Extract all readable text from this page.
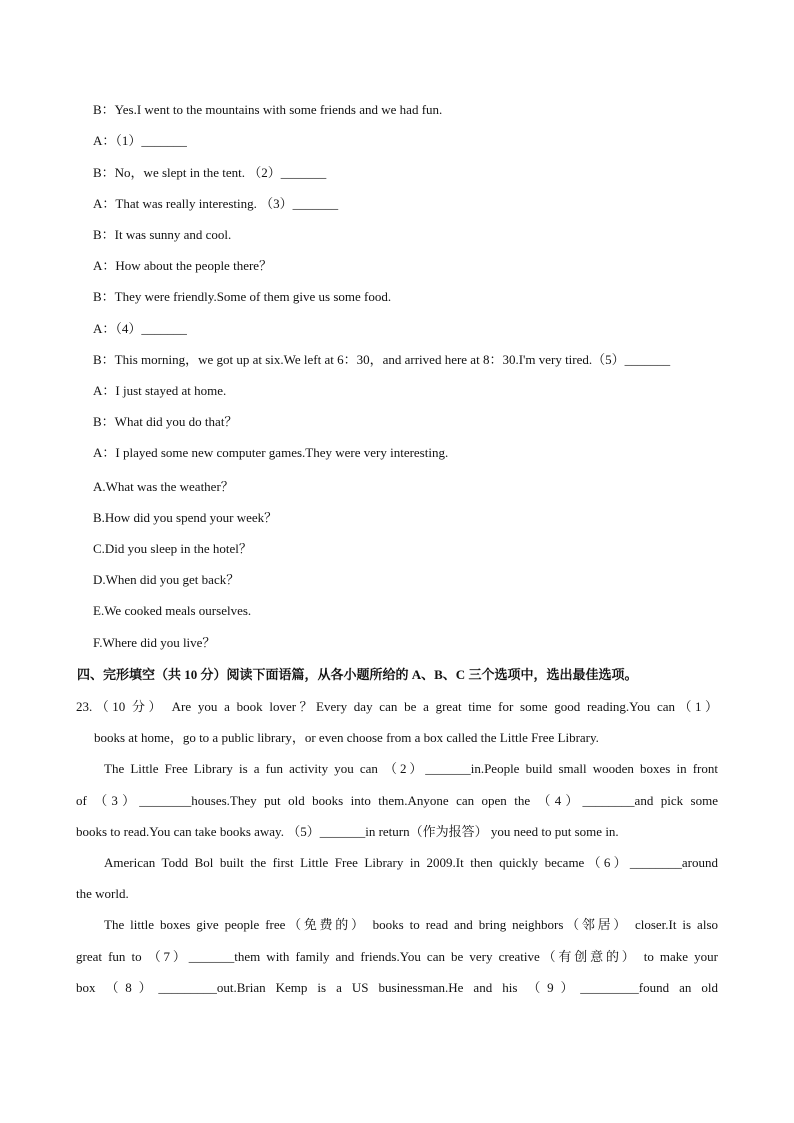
B：Yes.I went to the mountains with some friends and we had fun.
A：（1）_______
B：No，we slept in the tent. （2）_______
A：That was really interesting. （3）_______
B：It was sunny and cool.
A：How about the people there？
B：They were friendly.Some of them give us some food.
A：（4）_______
B：This morning，we got up at six.We left at 6：30，and arrived here at 8：30.I'm very tired.（5）_______
A：I just stayed at home.
B：What did you do that？
A：I played some new computer games.They were very interesting.
A.What was the weather？
B.How did you spend your week？
C.Did you sleep in the hotel？
D.When did you get back？
E.We cooked meals ourselves.
F.Where did you live？
四、完形填空（共 10 分）阅读下面语篇，从各小题所给的 A、B、C 三个选项中，选出最佳选项。
23.（10 分） Are you a book lover？Every day can be a great time for some good reading.You can（1）
books at home，go to a public library，or even choose from a box called the Little Free Library.
The Little Free Library is a fun activity you can （2）_______in.People build small wooden boxes in front
of （3）________houses.They put old books into them.Anyone can open the （4）________and pick some
books to read.You can take books away. （5）_______in return（作为报答） you need to put some in.
American Todd Bol built the first Little Free Library in 2009.It then quickly became（6）________around
the world.
The little boxes give people free（免费的） books to read and bring neighbors（邻居） closer.It is also
great fun to （7）_______them with family and friends.You can be very creative（有创意的） to make your
box （8）_________out.Brian Kemp is a US businessman.He and his （9）_________found an old
